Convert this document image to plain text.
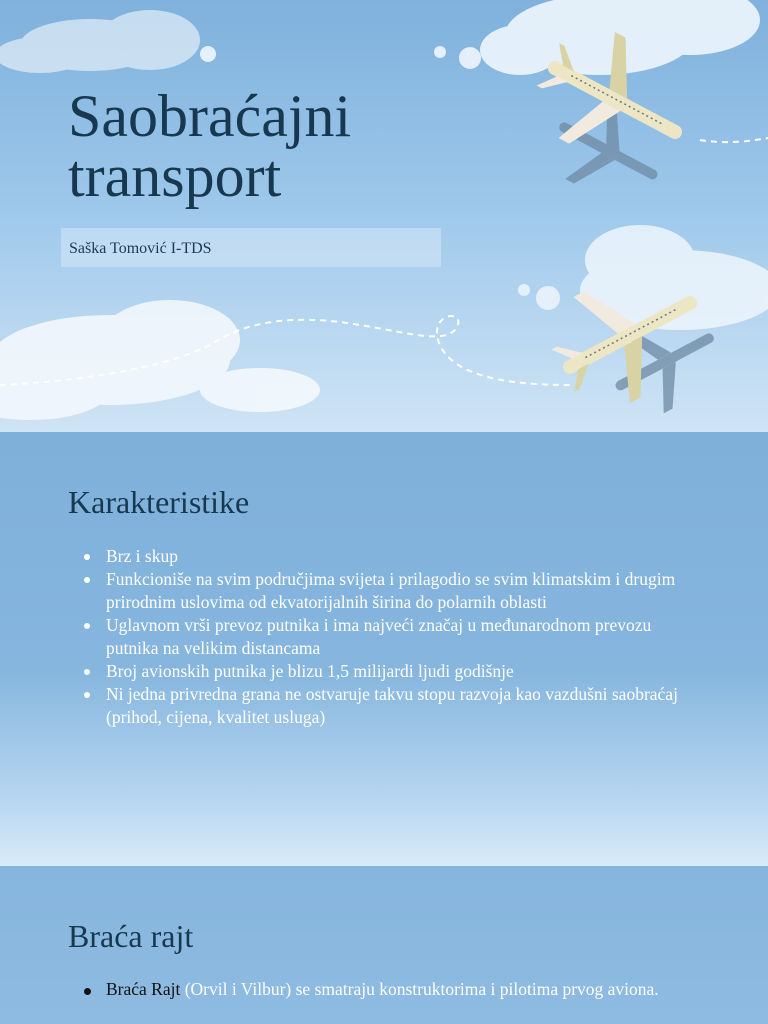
Saobraćajni
transport
Saška Tomović I-TDS
Karakteristike
Brz i skup
Funkcioniše na svim područjima svijeta i prilagodio se svim klimatskim i drugim prirodnim uslovima od ekvatorijalnih širina do polarnih oblasti
Uglavnom vrši prevoz putnika i ima najveći značaj u međunarodnom prevozu putnika na velikim distancama
Broj avionskih putnika je blizu 1,5 milijardi ljudi godišnje
Ni jedna privredna grana ne ostvaruje takvu stopu razvoja kao vazdušni saobraćaj (prihod, cijena, kvalitet usluga)
Braća rajt
Braća Rajt (Orvil i Vilbur) se smatraju konstruktorima i pilotima prvog aviona.
